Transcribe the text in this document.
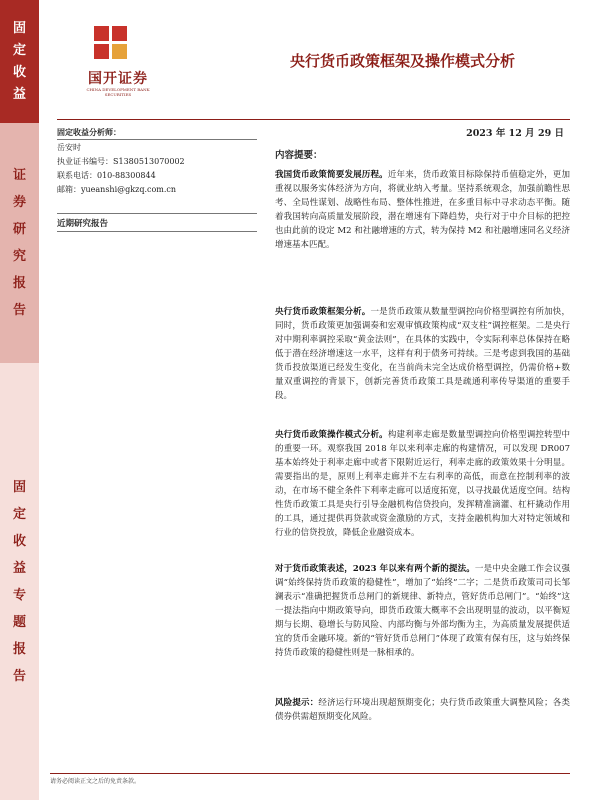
固
定
收
益
证
券
研
究
报
告
固
定
收
益
专
题
报
告
国开证券
CHINA DEVELOPMENT BANK SECURITIES
央行货币政策框架及操作模式分析
2023 年 12 月 29 日
固定收益分析师：
岳安时
执业证书编号：S1380513070002
联系电话：010-88300844
邮箱：yueanshi@gkzq.com.cn
近期研究报告
内容提要：
我国货币政策简要发展历程。近年来，货币政策目标除保持币值稳定外，更加重视以服务实体经济为方向，将就业纳入考量。坚持系统观念，加强前瞻性思考、全局性谋划、战略性布局、整体性推进，在多重目标中寻求动态平衡。随着我国转向高质量发展阶段，潜在增速有下降趋势，央行对于中介目标的把控也由此前的设定 M2 和社融增速的方式，转为保持 M2 和社融增速同名义经济增速基本匹配。
央行货币政策框架分析。一是货币政策从数量型调控向价格型调控有所加快，同时，货币政策更加强调奏和宏观审慎政策构成“双支柱”调控框架。二是央行对中期利率调控采取“黄金法则”，在具体的实践中，令实际利率总体保持在略低于潜在经济增速这一水平，这样有利于债务可持续。三是考虑到我国的基础货币投放渠道已经发生变化，在当前尚未完全达成价格型调控，仍需价格+数量双重调控的背景下，创新完善货币政策工具是疏通利率传导渠道的重要手段。
央行货币政策操作模式分析。构建利率走廊是数量型调控向价格型调控转型中的重要一环。观察我国 2018 年以来利率走廊的构建情况，可以发现 DR007 基本始终处于利率走廊中或者下限附近运行，利率走廊的政策效果十分明显。需要指出的是，原则上利率走廊并不左右利率的高低，而意在控制利率的波动，在市场不健全条件下利率走廊可以适度拓宽，以寻找最优适度空间。结构性货币政策工具是央行引导金融机构信贷投向，发挥精准滴灌、杠杆撬动作用的工具，通过提供再贷款或资金激励的方式，支持金融机构加大对特定领域和行业的信贷投放，降低企业融资成本。
对于货币政策表述，2023 年以来有两个新的提法。一是中央金融工作会议强调“始终保持货币政策的稳健性”，增加了“始终”二字；二是货币政策司司长邹澜表示“准确把握货币总闸门的新规律、新特点，管好货币总闸门”。“始终”这一提法指向中期政策导向，即货币政策大概率不会出现明显的波动，以平衡短期与长期、稳增长与防风险、内部均衡与外部均衡为主，为高质量发展提供适宜的货币金融环境。新的“管好货币总闸门”体现了政策有保有压，这与始终保持货币政策的稳健性则是一脉相承的。
风险提示：经济运行环境出现超预期变化；央行货币政策重大调整风险；各类债券供需超预期变化风险。
请务必阅读正文之后的免责条款。
